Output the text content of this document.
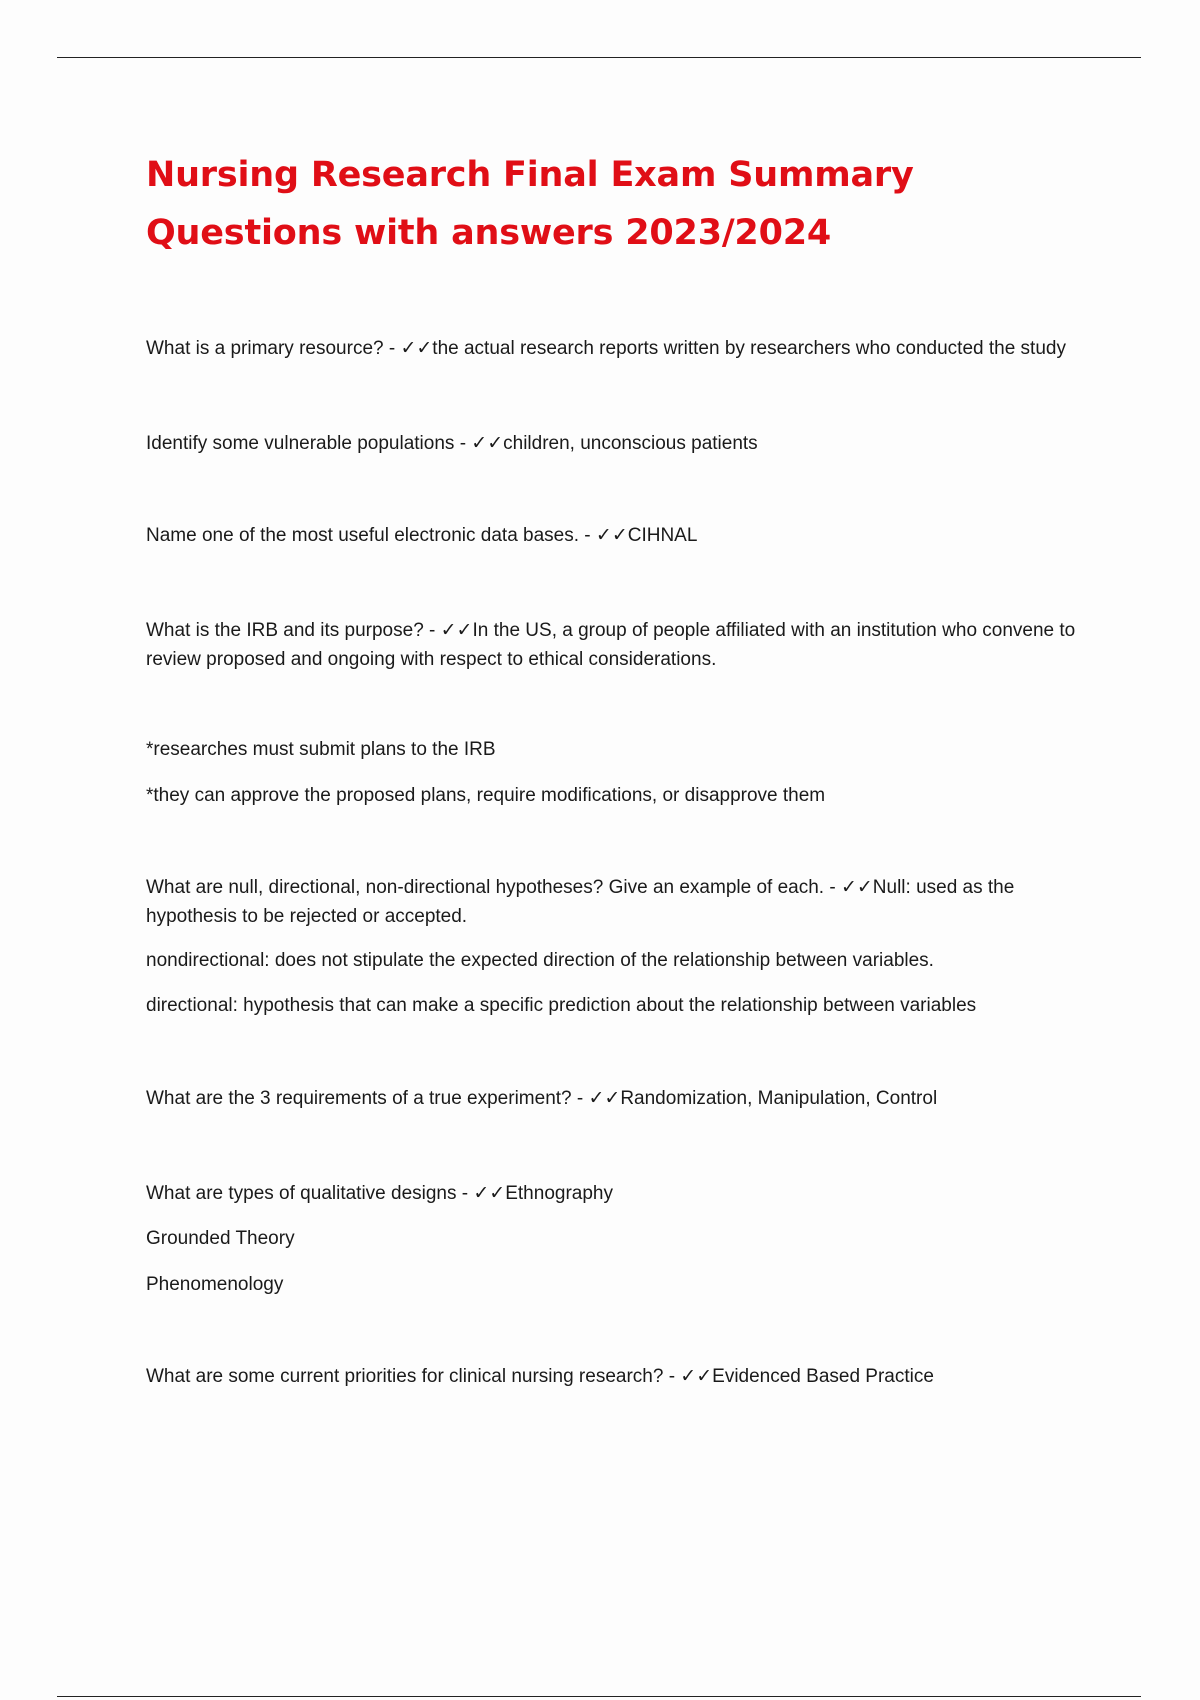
Nursing Research Final Exam Summary Questions with answers 2023/2024

What is a primary resource? - ✓✓the actual research reports written by researchers who conducted the study

Identify some vulnerable populations - ✓✓children, unconscious patients

Name one of the most useful electronic data bases. - ✓✓CIHNAL

What is the IRB and its purpose? - ✓✓In the US, a group of people affiliated with an institution who convene to review proposed and ongoing with respect to ethical considerations.

*researches must submit plans to the IRB

*they can approve the proposed plans, require modifications, or disapprove them

What are null, directional, non-directional hypotheses? Give an example of each. - ✓✓Null: used as the hypothesis to be rejected or accepted.

nondirectional: does not stipulate the expected direction of the relationship between variables.

directional: hypothesis that can make a specific prediction about the relationship between variables

What are the 3 requirements of a true experiment? - ✓✓Randomization, Manipulation, Control

What are types of qualitative designs - ✓✓Ethnography

Grounded Theory

Phenomenology

What are some current priorities for clinical nursing research? - ✓✓Evidenced Based Practice
